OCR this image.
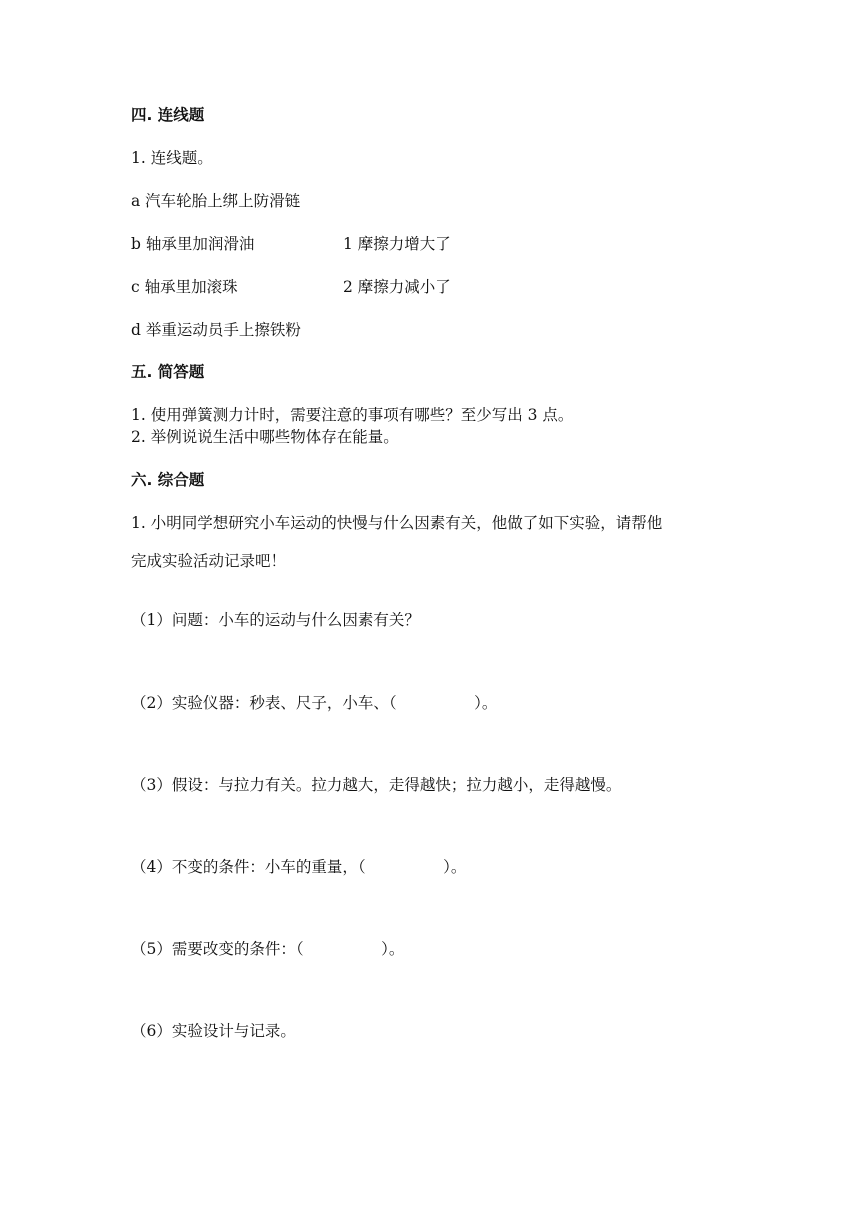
四. 连线题
1. 连线题。
a 汽车轮胎上绑上防滑链
b 轴承里加润滑油	1 摩擦力增大了
c 轴承里加滚珠	2 摩擦力减小了
d 举重运动员手上擦铁粉
五. 简答题
1. 使用弹簧测力计时，需要注意的事项有哪些？至少写出 3 点。
2. 举例说说生活中哪些物体存在能量。
六. 综合题
1. 小明同学想研究小车运动的快慢与什么因素有关，他做了如下实验，请帮他
完成实验活动记录吧！
（1）问题：小车的运动与什么因素有关？
（2）实验仪器：秒表、尺子，小车、（　　　　　）。
（3）假设：与拉力有关。拉力越大，走得越快；拉力越小，走得越慢。
（4）不变的条件：小车的重量，（　　　　　）。
（5）需要改变的条件：（　　　　　）。
（6）实验设计与记录。
